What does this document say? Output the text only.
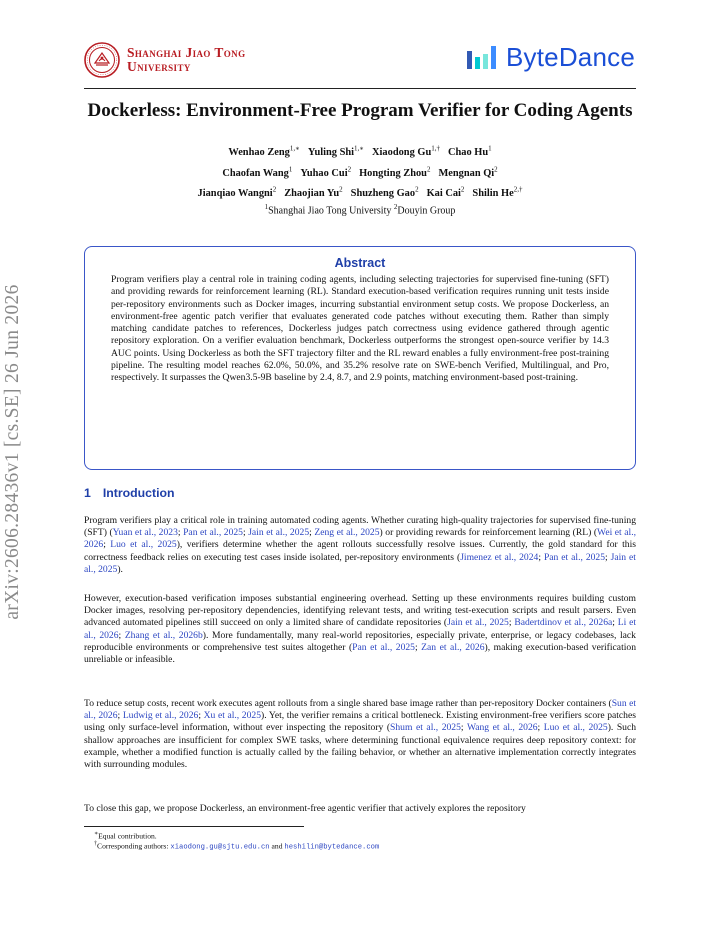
Shanghai Jiao Tong
University	ByteDance
Dockerless: Environment-Free Program Verifier for Coding Agents
Wenhao Zeng$^{1,∗}$ Yuling Shi$^{1,∗}$ Xiaodong $Gu^{1,\dagger}$ Chao Hu$^1$
Chaofan Wang$^1$ Yuhao Cui$^2$ Hongting Zhou$^2$ Mengnan Qi$^2$
Jianqiao Wangni$^2$ Zhaojian Yu$^2$ Shuzheng Gao$^2$ Kai Cai$^2$ Shilin $He^{2,\dagger}$
$^1$Shanghai Jiao Tong University $^2$Douyin Group
Abstract
Program verifiers play a central role in training coding agents, including selecting trajectories for supervised fine-tuning (SFT) and providing rewards for reinforcement learning (RL). Standard execution-based verification requires running unit tests inside per-repository environments such as Docker images, incurring substantial environment setup costs. We propose Dockerless, an environment-free agentic patch verifier that evaluates generated code patches without executing them. Rather than simply matching candidate patches to references, Dockerless judges patch correctness using evidence gathered through agentic repository exploration. On a verifier evaluation benchmark, Dockerless outperforms the strongest open-source verifier by 14.3 AUC points. Using Dockerless as both the SFT trajectory filter and the RL reward enables a fully environment-free post-training pipeline. The resulting model reaches 62.0%, 50.0%, and 35.2% resolve rate on SWE-bench Verified, Multilingual, and Pro, respectively. It surpasses the Qwen3.5-9B baseline by 2.4, 8.7, and 2.9 points, matching environment-based post-training.
arXiv:2606.28436v1 [cs.SE] 26 Jun 2026	1 Introduction
Program verifiers play a critical role in training automated coding agents. Whether curating high-quality trajectories for supervised fine-tuning (SFT) (Yuan et al., 2023; Pan et al., 2025; Jain et al., 2025; Zeng et al., 2025) or providing rewards for reinforcement learning (RL) (Wei et al., 2026; Luo et al., 2025), verifiers determine whether the agent rollouts successfully resolve issues. Currently, the gold standard for this correctness feedback relies on executing test cases inside isolated, per-repository environments (Jimenez et al., 2024; Pan et al., 2025; Jain et al., 2025).
However, execution-based verification imposes substantial engineering overhead. Setting up these environments requires building custom Docker images, resolving per-repository dependencies, identifying relevant tests, and writing test-execution scripts and result parsers. Even advanced automated pipelines still succeed on only a limited share of candidate repositories (Jain et al., 2025; Badertdinov et al., 2026a; Li et al., 2026; Zhang et al., 2026b). More fundamentally, many real-world repositories, especially private, enterprise, or legacy codebases, lack reproducible environments or comprehensive test suites altogether (Pan et al., 2025; Zan et al., 2026), making execution-based verification unreliable or infeasible.
To reduce setup costs, recent work executes agent rollouts from a single shared base image rather than per-repository Docker containers (Sun et al., 2026; Ludwig et al., 2026; Xu et al., 2025). Yet, the verifier remains a critical bottleneck. Existing environment-free verifiers score patches using only surface-level information, without ever inspecting the repository (Shum et al., 2025; Wang et al., 2026; Luo et al., 2025). Such shallow approaches are insufficient for complex SWE tasks, where determining functional equivalence requires deep repository context: for example, whether a modified function is actually called by the failing behavior, or whether an alternative implementation correctly integrates with surrounding modules.
To close this gap, we propose Dockerless, an environment-free agentic verifier that actively explores the repository
∗Equal contribution.
†Corresponding authors: xiaodong.gu@sjtu.edu.cn and heshilin@bytedance.com
